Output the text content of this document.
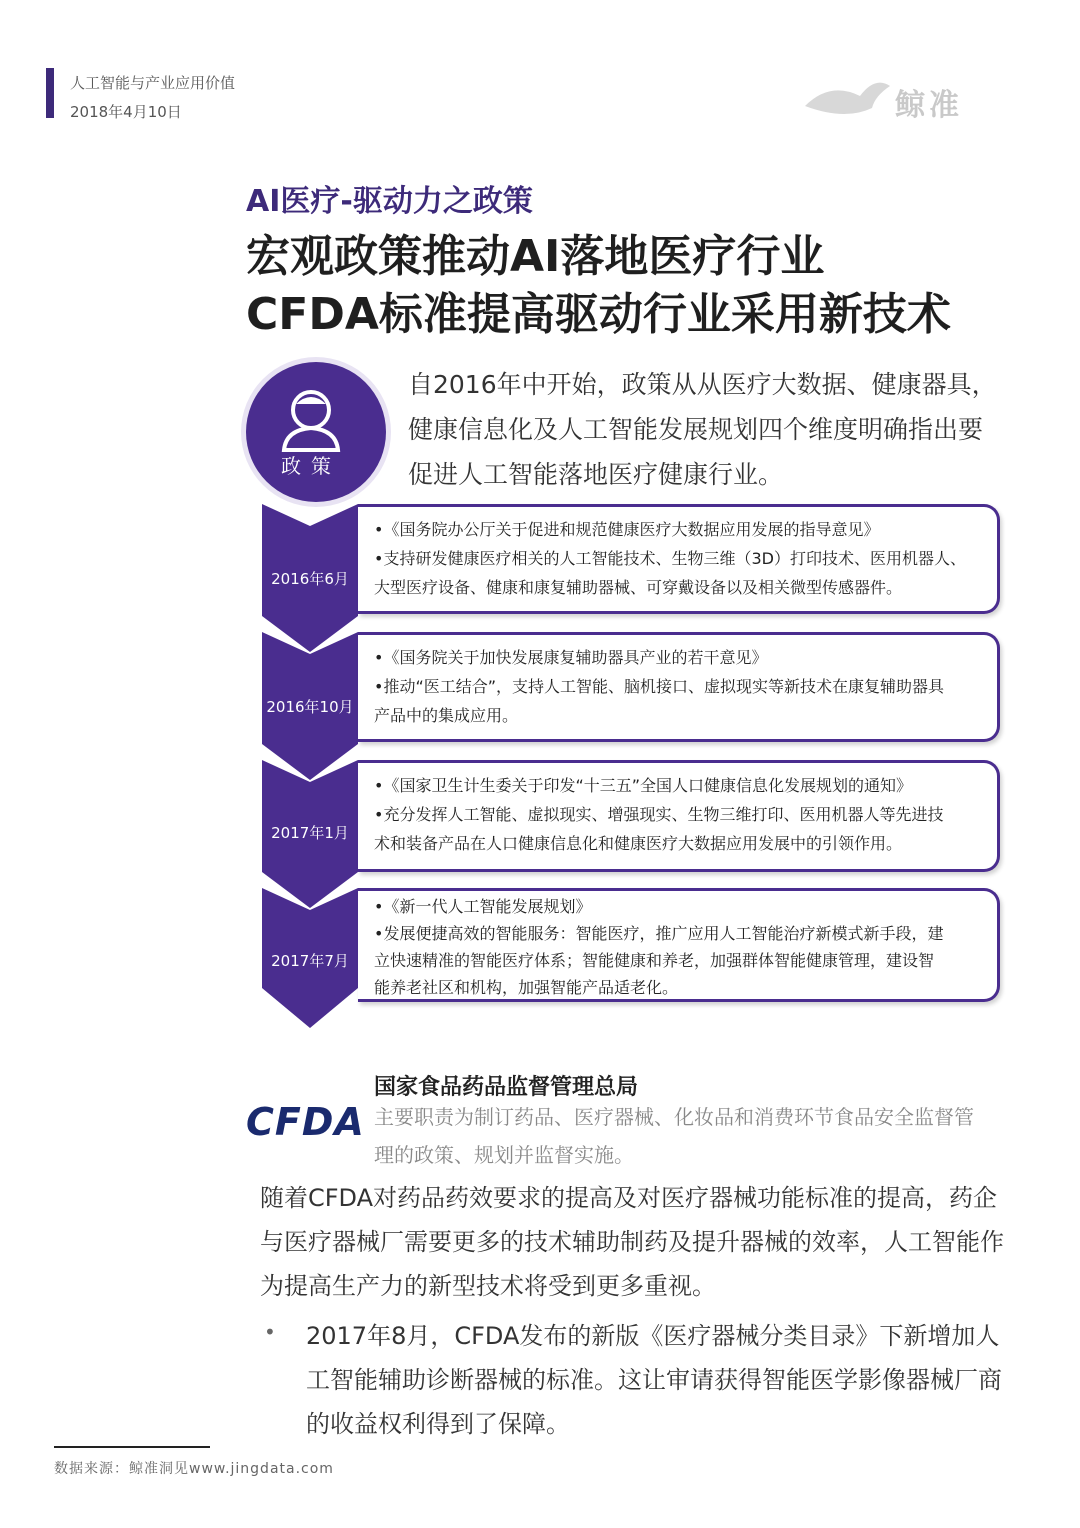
人工智能与产业应用价值
2018年4月10日	鲸准
AI医疗-驱动力之政策
宏观政策推动AI落地医疗行业
CFDA标准提高驱动行业采用新技术
政策
自2016年中开始，政策从从医疗大数据、健康器具，
健康信息化及人工智能发展规划四个维度明确指出要
促进人工智能落地医疗健康行业。
2016年6月
•《国务院办公厅关于促进和规范健康医疗大数据应用发展的指导意见》
•支持研发健康医疗相关的人工智能技术、生物三维（3D）打印技术、医用机器人、
大型医疗设备、健康和康复辅助器械、可穿戴设备以及相关微型传感器件。
2016年10月
•《国务院关于加快发展康复辅助器具产业的若干意见》
•推动“医工结合”，支持人工智能、脑机接口、虚拟现实等新技术在康复辅助器具
产品中的集成应用。
2017年1月
•《国家卫生计生委关于印发“十三五”全国人口健康信息化发展规划的通知》
•充分发挥人工智能、虚拟现实、增强现实、生物三维打印、医用机器人等先进技
术和装备产品在人口健康信息化和健康医疗大数据应用发展中的引领作用。
2017年7月
•《新一代人工智能发展规划》
•发展便捷高效的智能服务：智能医疗，推广应用人工智能治疗新模式新手段，建
立快速精准的智能医疗体系；智能健康和养老，加强群体智能健康管理，建设智
能养老社区和机构，加强智能产品适老化。
CFDA
国家食品药品监督管理总局
主要职责为制订药品、医疗器械、化妆品和消费环节食品安全监督管
理的政策、规划并监督实施。
随着CFDA对药品药效要求的提高及对医疗器械功能标准的提高，药企
与医疗器械厂需要更多的技术辅助制药及提升器械的效率，人工智能作
为提高生产力的新型技术将受到更多重视。
• 2017年8月，CFDA发布的新版《医疗器械分类目录》下新增加人
工智能辅助诊断器械的标准。这让审请获得智能医学影像器械厂商
的收益权利得到了保障。
数据来源：鲸准洞见www.jingdata.com
